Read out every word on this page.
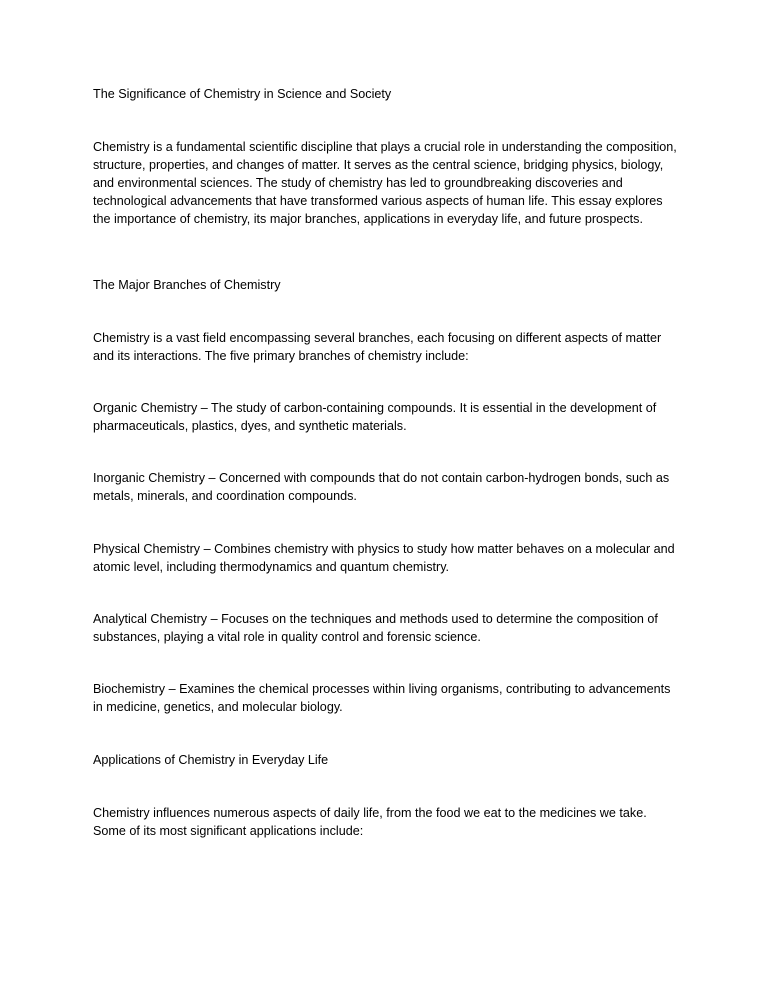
The Significance of Chemistry in Science and Society

Chemistry is a fundamental scientific discipline that plays a crucial role in understanding the composition, structure, properties, and changes of matter. It serves as the central science, bridging physics, biology, and environmental sciences. The study of chemistry has led to groundbreaking discoveries and technological advancements that have transformed various aspects of human life. This essay explores the importance of chemistry, its major branches, applications in everyday life, and future prospects.

The Major Branches of Chemistry

Chemistry is a vast field encompassing several branches, each focusing on different aspects of matter and its interactions. The five primary branches of chemistry include:

Organic Chemistry – The study of carbon-containing compounds. It is essential in the development of pharmaceuticals, plastics, dyes, and synthetic materials.

Inorganic Chemistry – Concerned with compounds that do not contain carbon-hydrogen bonds, such as metals, minerals, and coordination compounds.

Physical Chemistry – Combines chemistry with physics to study how matter behaves on a molecular and atomic level, including thermodynamics and quantum chemistry.

Analytical Chemistry – Focuses on the techniques and methods used to determine the composition of substances, playing a vital role in quality control and forensic science.

Biochemistry – Examines the chemical processes within living organisms, contributing to advancements in medicine, genetics, and molecular biology.

Applications of Chemistry in Everyday Life

Chemistry influences numerous aspects of daily life, from the food we eat to the medicines we take. Some of its most significant applications include:
